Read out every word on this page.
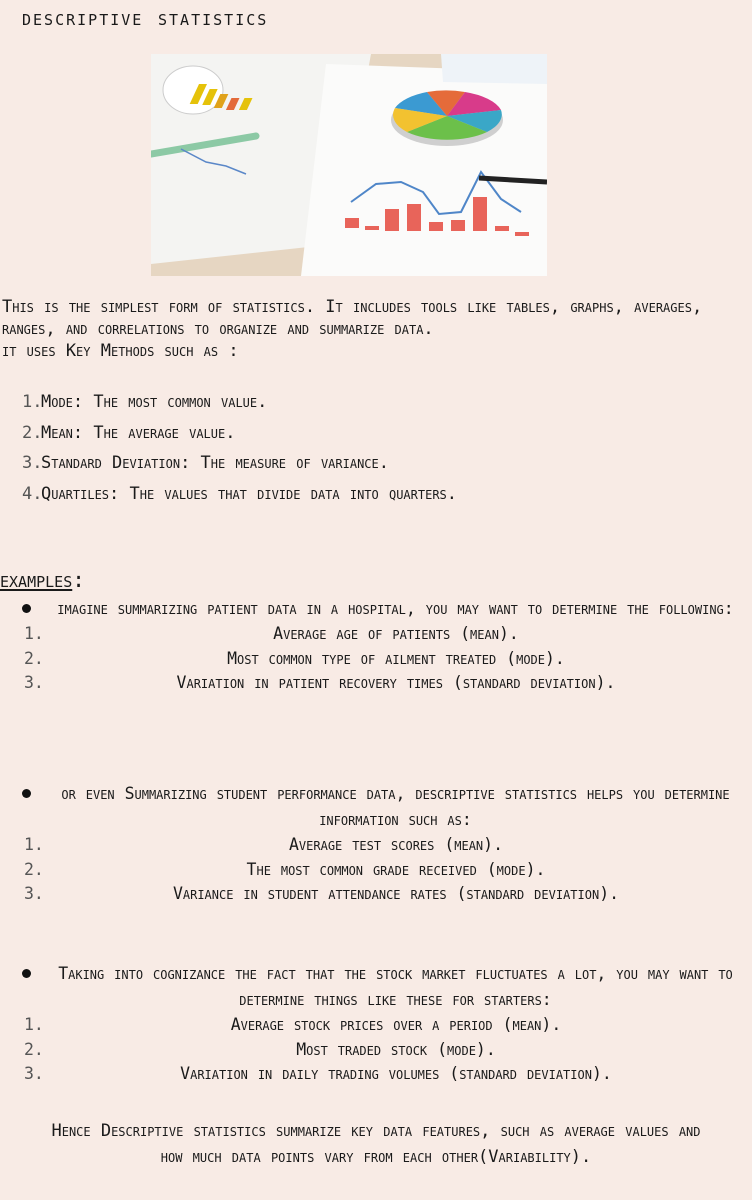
descriptive statistics

This is the simplest form of statistics. It includes tools like tables, graphs, averages,

ranges, and correlations to organize and summarize data.

it uses Key Methods such as :

1.
Mode: The most common value.
2.
Mean: The average value.
3.
Standard Deviation: The measure of variance.
4.
Quartiles: The values that divide data into quarters.
examples:
imagine summarizing patient data in a hospital, you may want to determine the following:
1.	Average age of patients (mean).
2.	Most common type of ailment treated (mode).
3.	Variation in patient recovery times (standard deviation).
or even Summarizing student performance data, descriptive statistics helps you determine information such as:
1.	Average test scores (mean).
2.	The most common grade received (mode).
3.	Variance in student attendance rates (standard deviation).
Taking into cognizance the fact that the stock market fluctuates a lot, you may want to determine things like these for starters:
1.	Average stock prices over a period (mean).
2.	Most traded stock (mode).
3.	Variation in daily trading volumes (standard deviation).
Hence Descriptive statistics summarize key data features, such as average values and
how much data points vary from each other(Variability).
